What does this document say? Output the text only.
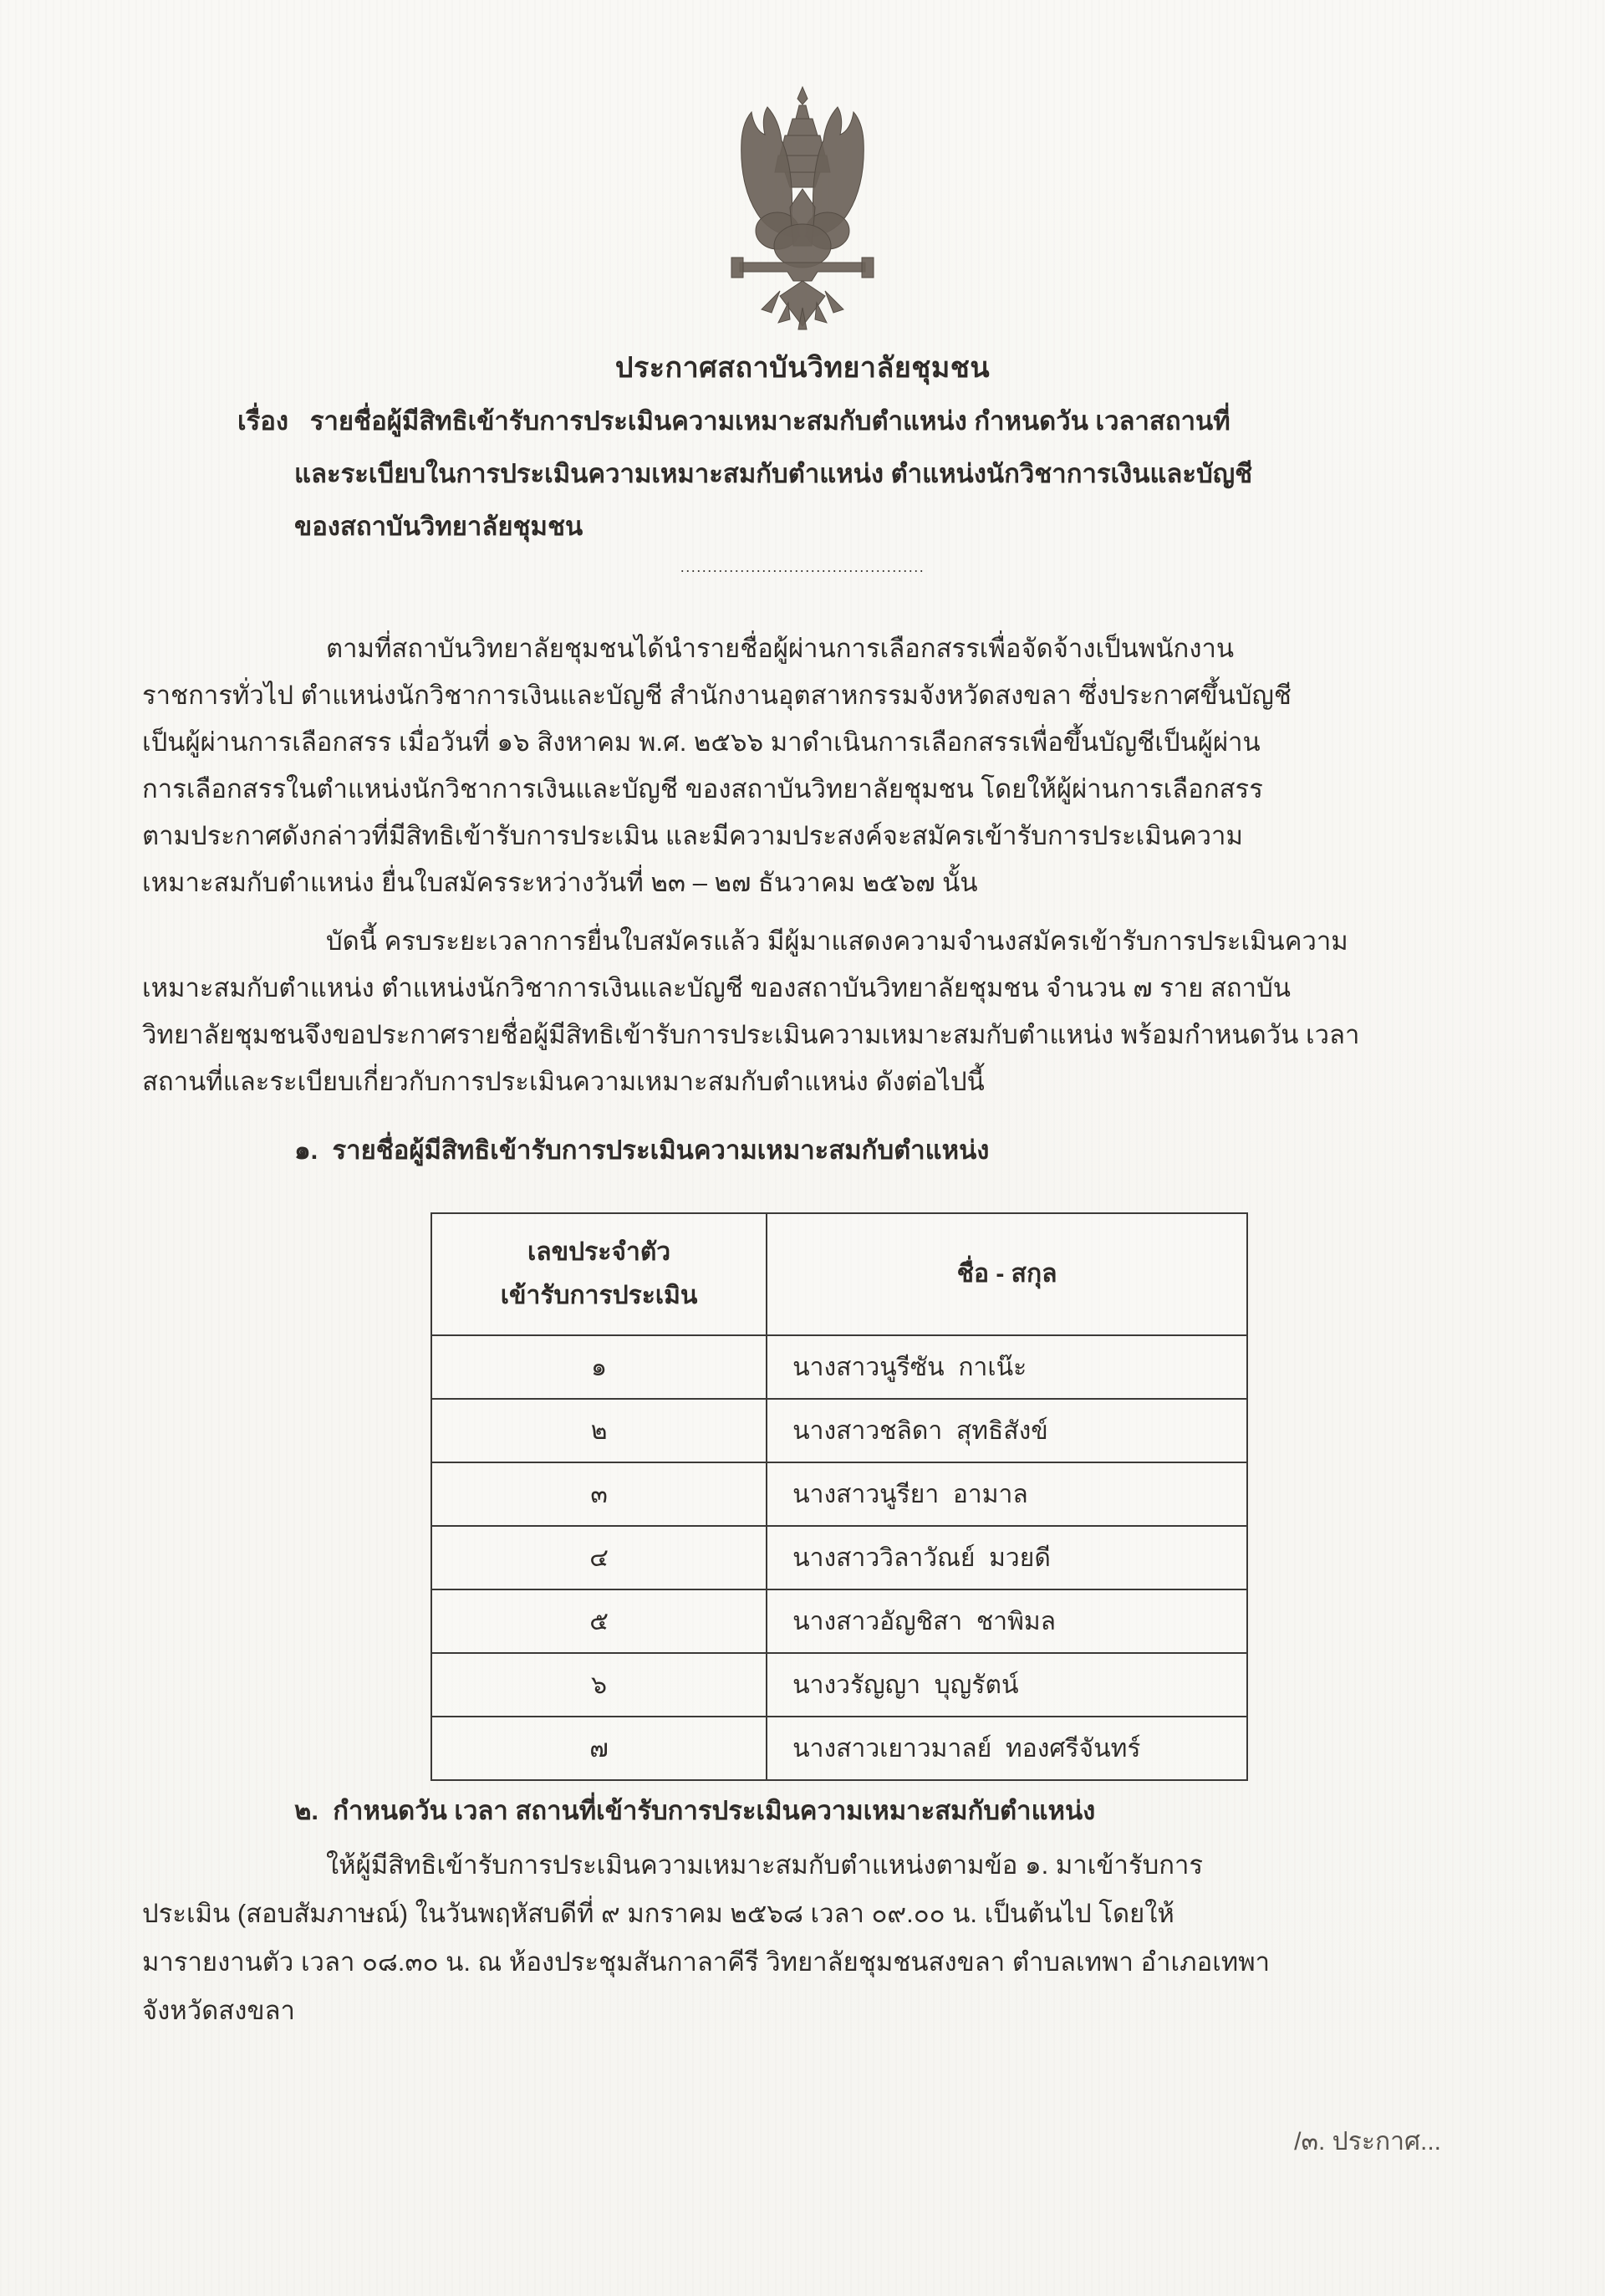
ประกาศสถาบันวิทยาลัยชุมชน
เรื่อง   รายชื่อผู้มีสิทธิเข้ารับการประเมินความเหมาะสมกับตำแหน่ง กำหนดวัน เวลาสถานที่
และระเบียบในการประเมินความเหมาะสมกับตำแหน่ง ตำแหน่งนักวิชาการเงินและบัญชี
ของสถาบันวิทยาลัยชุมชน
.............................................
ตามที่สถาบันวิทยาลัยชุมชนได้นำรายชื่อผู้ผ่านการเลือกสรรเพื่อจัดจ้างเป็นพนักงาน
ราชการทั่วไป ตำแหน่งนักวิชาการเงินและบัญชี สำนักงานอุตสาหกรรมจังหวัดสงขลา ซึ่งประกาศขึ้นบัญชี
เป็นผู้ผ่านการเลือกสรร เมื่อวันที่ ๑๖ สิงหาคม พ.ศ. ๒๕๖๖ มาดำเนินการเลือกสรรเพื่อขึ้นบัญชีเป็นผู้ผ่าน
การเลือกสรรในตำแหน่งนักวิชาการเงินและบัญชี ของสถาบันวิทยาลัยชุมชน โดยให้ผู้ผ่านการเลือกสรร
ตามประกาศดังกล่าวที่มีสิทธิเข้ารับการประเมิน และมีความประสงค์จะสมัครเข้ารับการประเมินความ
เหมาะสมกับตำแหน่ง ยื่นใบสมัครระหว่างวันที่ ๒๓ – ๒๗ ธันวาคม ๒๕๖๗ นั้น
บัดนี้ ครบระยะเวลาการยื่นใบสมัครแล้ว มีผู้มาแสดงความจำนงสมัครเข้ารับการประเมินความ
เหมาะสมกับตำแหน่ง ตำแหน่งนักวิชาการเงินและบัญชี ของสถาบันวิทยาลัยชุมชน จำนวน ๗ ราย สถาบัน
วิทยาลัยชุมชนจึงขอประกาศรายชื่อผู้มีสิทธิเข้ารับการประเมินความเหมาะสมกับตำแหน่ง พร้อมกำหนดวัน เวลา
สถานที่และระเบียบเกี่ยวกับการประเมินความเหมาะสมกับตำแหน่ง ดังต่อไปนี้
๑.  รายชื่อผู้มีสิทธิเข้ารับการประเมินความเหมาะสมกับตำแหน่ง
เลขประจำตัว
เข้ารับการประเมิน	ชื่อ - สกุล
๑	นางสาวนูรีซัน  กาเน๊ะ
๒	นางสาวชลิดา  สุทธิสังข์
๓	นางสาวนูรียา  อามาล
๔	นางสาววิลาวัณย์  มวยดี
๕	นางสาวอัญชิสา  ชาพิมล
๖	นางวรัญญา  บุญรัตน์
๗	นางสาวเยาวมาลย์  ทองศรีจันทร์
๒.  กำหนดวัน เวลา สถานที่เข้ารับการประเมินความเหมาะสมกับตำแหน่ง
ให้ผู้มีสิทธิเข้ารับการประเมินความเหมาะสมกับตำแหน่งตามข้อ ๑. มาเข้ารับการ
ประเมิน (สอบสัมภาษณ์) ในวันพฤหัสบดีที่ ๙ มกราคม ๒๕๖๘ เวลา ๐๙.๐๐ น. เป็นต้นไป โดยให้
มารายงานตัว เวลา ๐๘.๓๐ น. ณ ห้องประชุมสันกาลาคีรี วิทยาลัยชุมชนสงขลา ตำบลเทพา อำเภอเทพา
จังหวัดสงขลา
/๓. ประกาศ...
